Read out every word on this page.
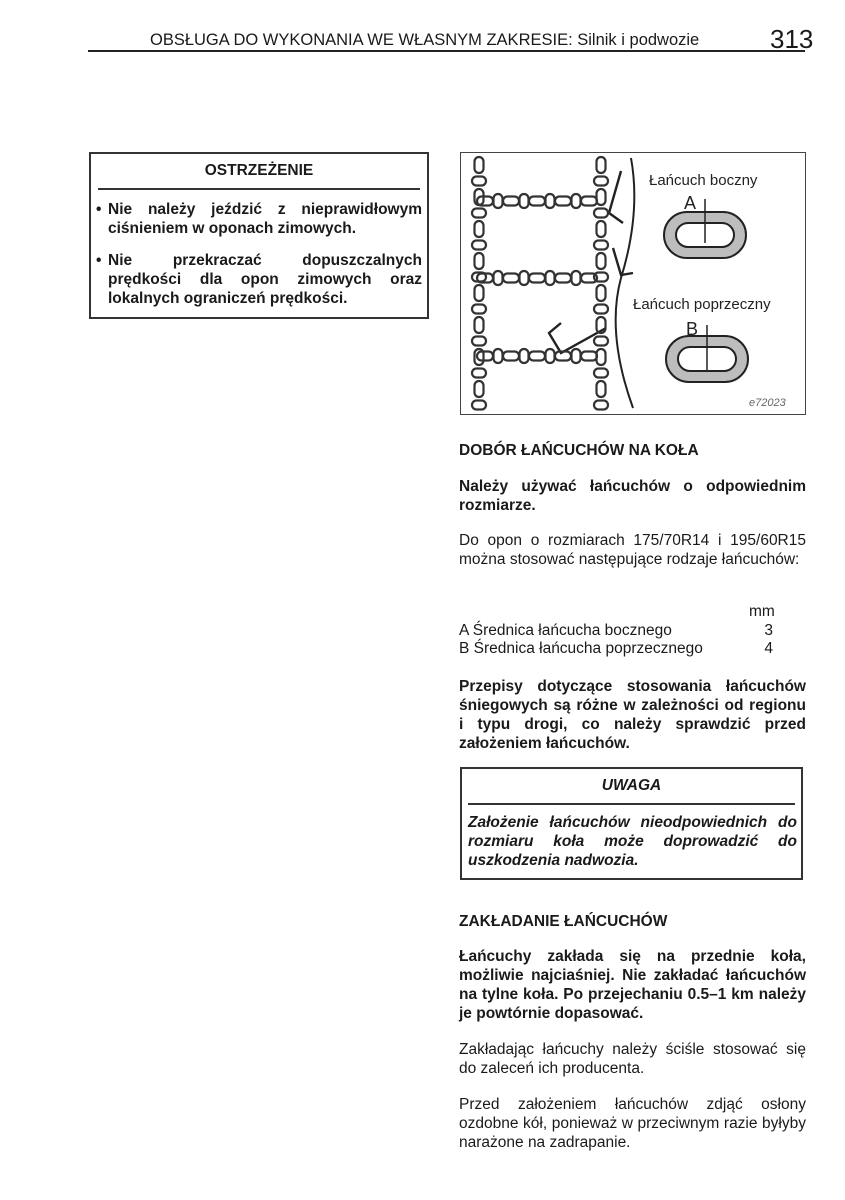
OBSŁUGA DO WYKONANIA WE WŁASNYM ZAKRESIE: Silnik i podwozie	313
OSTRZEŻENIE
• Nie należy jeździć z nieprawidłowym ciśnieniem w oponach zimowych.
• Nie przekraczać dopuszczalnych prędkości dla opon zimowych oraz lokalnych ograniczeń prędkości.
Łańcuch boczny
A
Łańcuch poprzeczny
B
e72023
DOBÓR ŁAŃCUCHÓW NA KOŁA
Należy używać łańcuchów o odpowiednim rozmiarze.
Do opon o rozmiarach 175/70R14 i 195/60R15 można stosować następujące rodzaje łańcuchów:
mm
A Średnica łańcucha bocznego	3
B Średnica łańcucha poprzecznego	4
Przepisy dotyczące stosowania łańcuchów śniegowych są różne w zależności od regionu i typu drogi, co należy sprawdzić przed założeniem łańcuchów.
UWAGA
Założenie łańcuchów nieodpowiednich do rozmiaru koła może doprowadzić do uszkodzenia nadwozia.
ZAKŁADANIE ŁAŃCUCHÓW
Łańcuchy zakłada się na przednie koła, możliwie najciaśniej. Nie zakładać łańcuchów na tylne koła. Po przejechaniu 0.5–1 km należy je powtórnie dopasować.
Zakładając łańcuchy należy ściśle stosować się do zaleceń ich producenta.
Przed założeniem łańcuchów zdjąć osłony ozdobne kół, ponieważ w przeciwnym razie byłyby narażone na zadrapanie.
